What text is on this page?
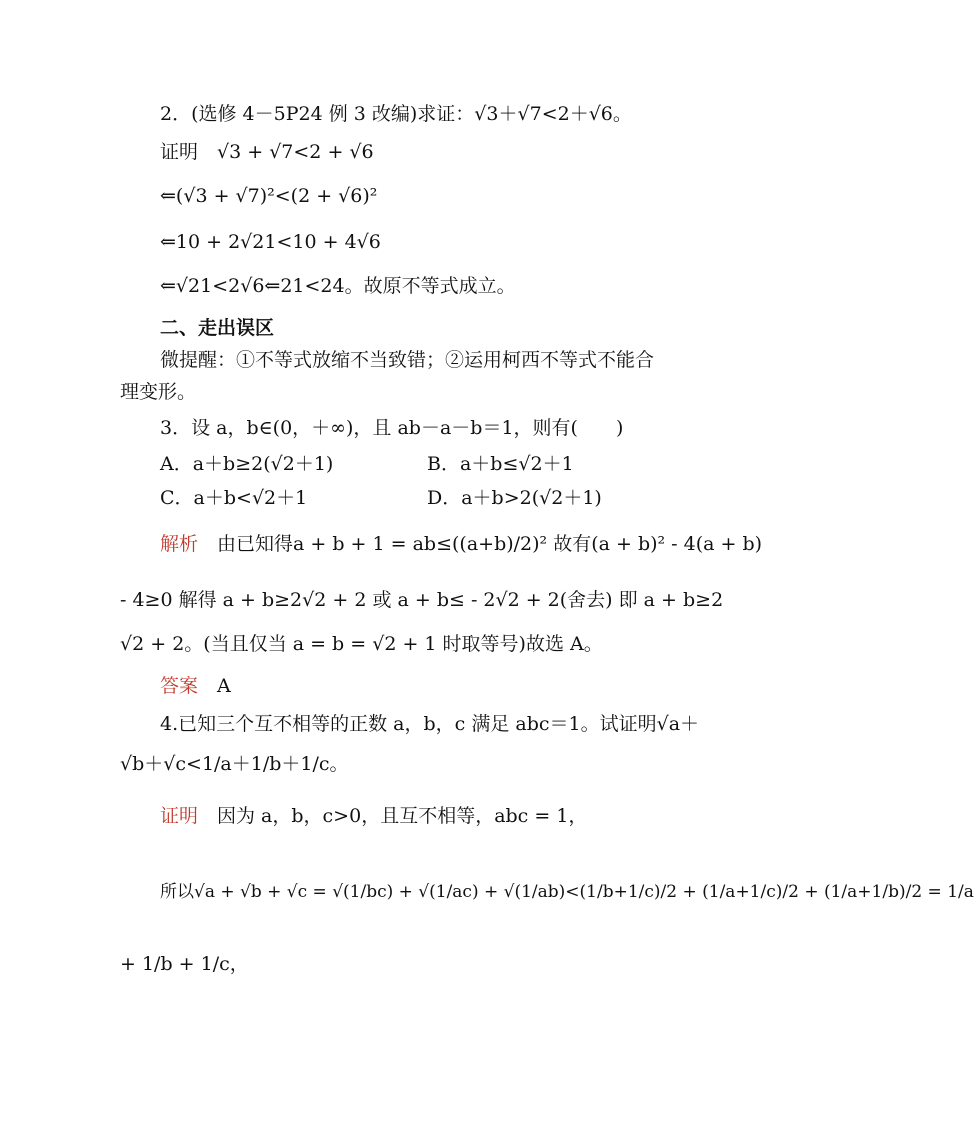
2．(选修 4－5P24 例 3 改编)求证：√3＋√7<2＋√6。
证明　√3 + √7<2 + √6
⇐(√3 + √7)²<(2 + √6)²
⇐10 + 2√21<10 + 4√6
⇐√21<2√6⇐21<24。故原不等式成立。
二、走出误区
微提醒：①不等式放缩不当致错；②运用柯西不等式不能合
理变形。
3．设 a，b∈(0，＋∞)，且 ab－a－b＝1，则有(　　)
A．a＋b≥2(√2＋1)	B．a＋b≤√2＋1
C．a＋b<√2＋1	D．a＋b>2(√2＋1)
解析　由已知得a + b + 1 = ab≤((a+b)/2)² 故有(a + b)² - 4(a + b)
- 4≥0 解得 a + b≥2√2 + 2 或 a + b≤ - 2√2 + 2(舍去) 即 a + b≥2
√2 + 2。(当且仅当 a = b = √2 + 1 时取等号)故选 A。
答案　A
4.已知三个互不相等的正数 a，b，c 满足 abc＝1。试证明√a＋
√b＋√c<1/a＋1/b＋1/c。
证明　因为 a，b，c>0，且互不相等，abc = 1，
所以√a + √b + √c = √(1/bc) + √(1/ac) + √(1/ab)<(1/b+1/c)/2 + (1/a+1/c)/2 + (1/a+1/b)/2 = 1/a
+ 1/b + 1/c，
